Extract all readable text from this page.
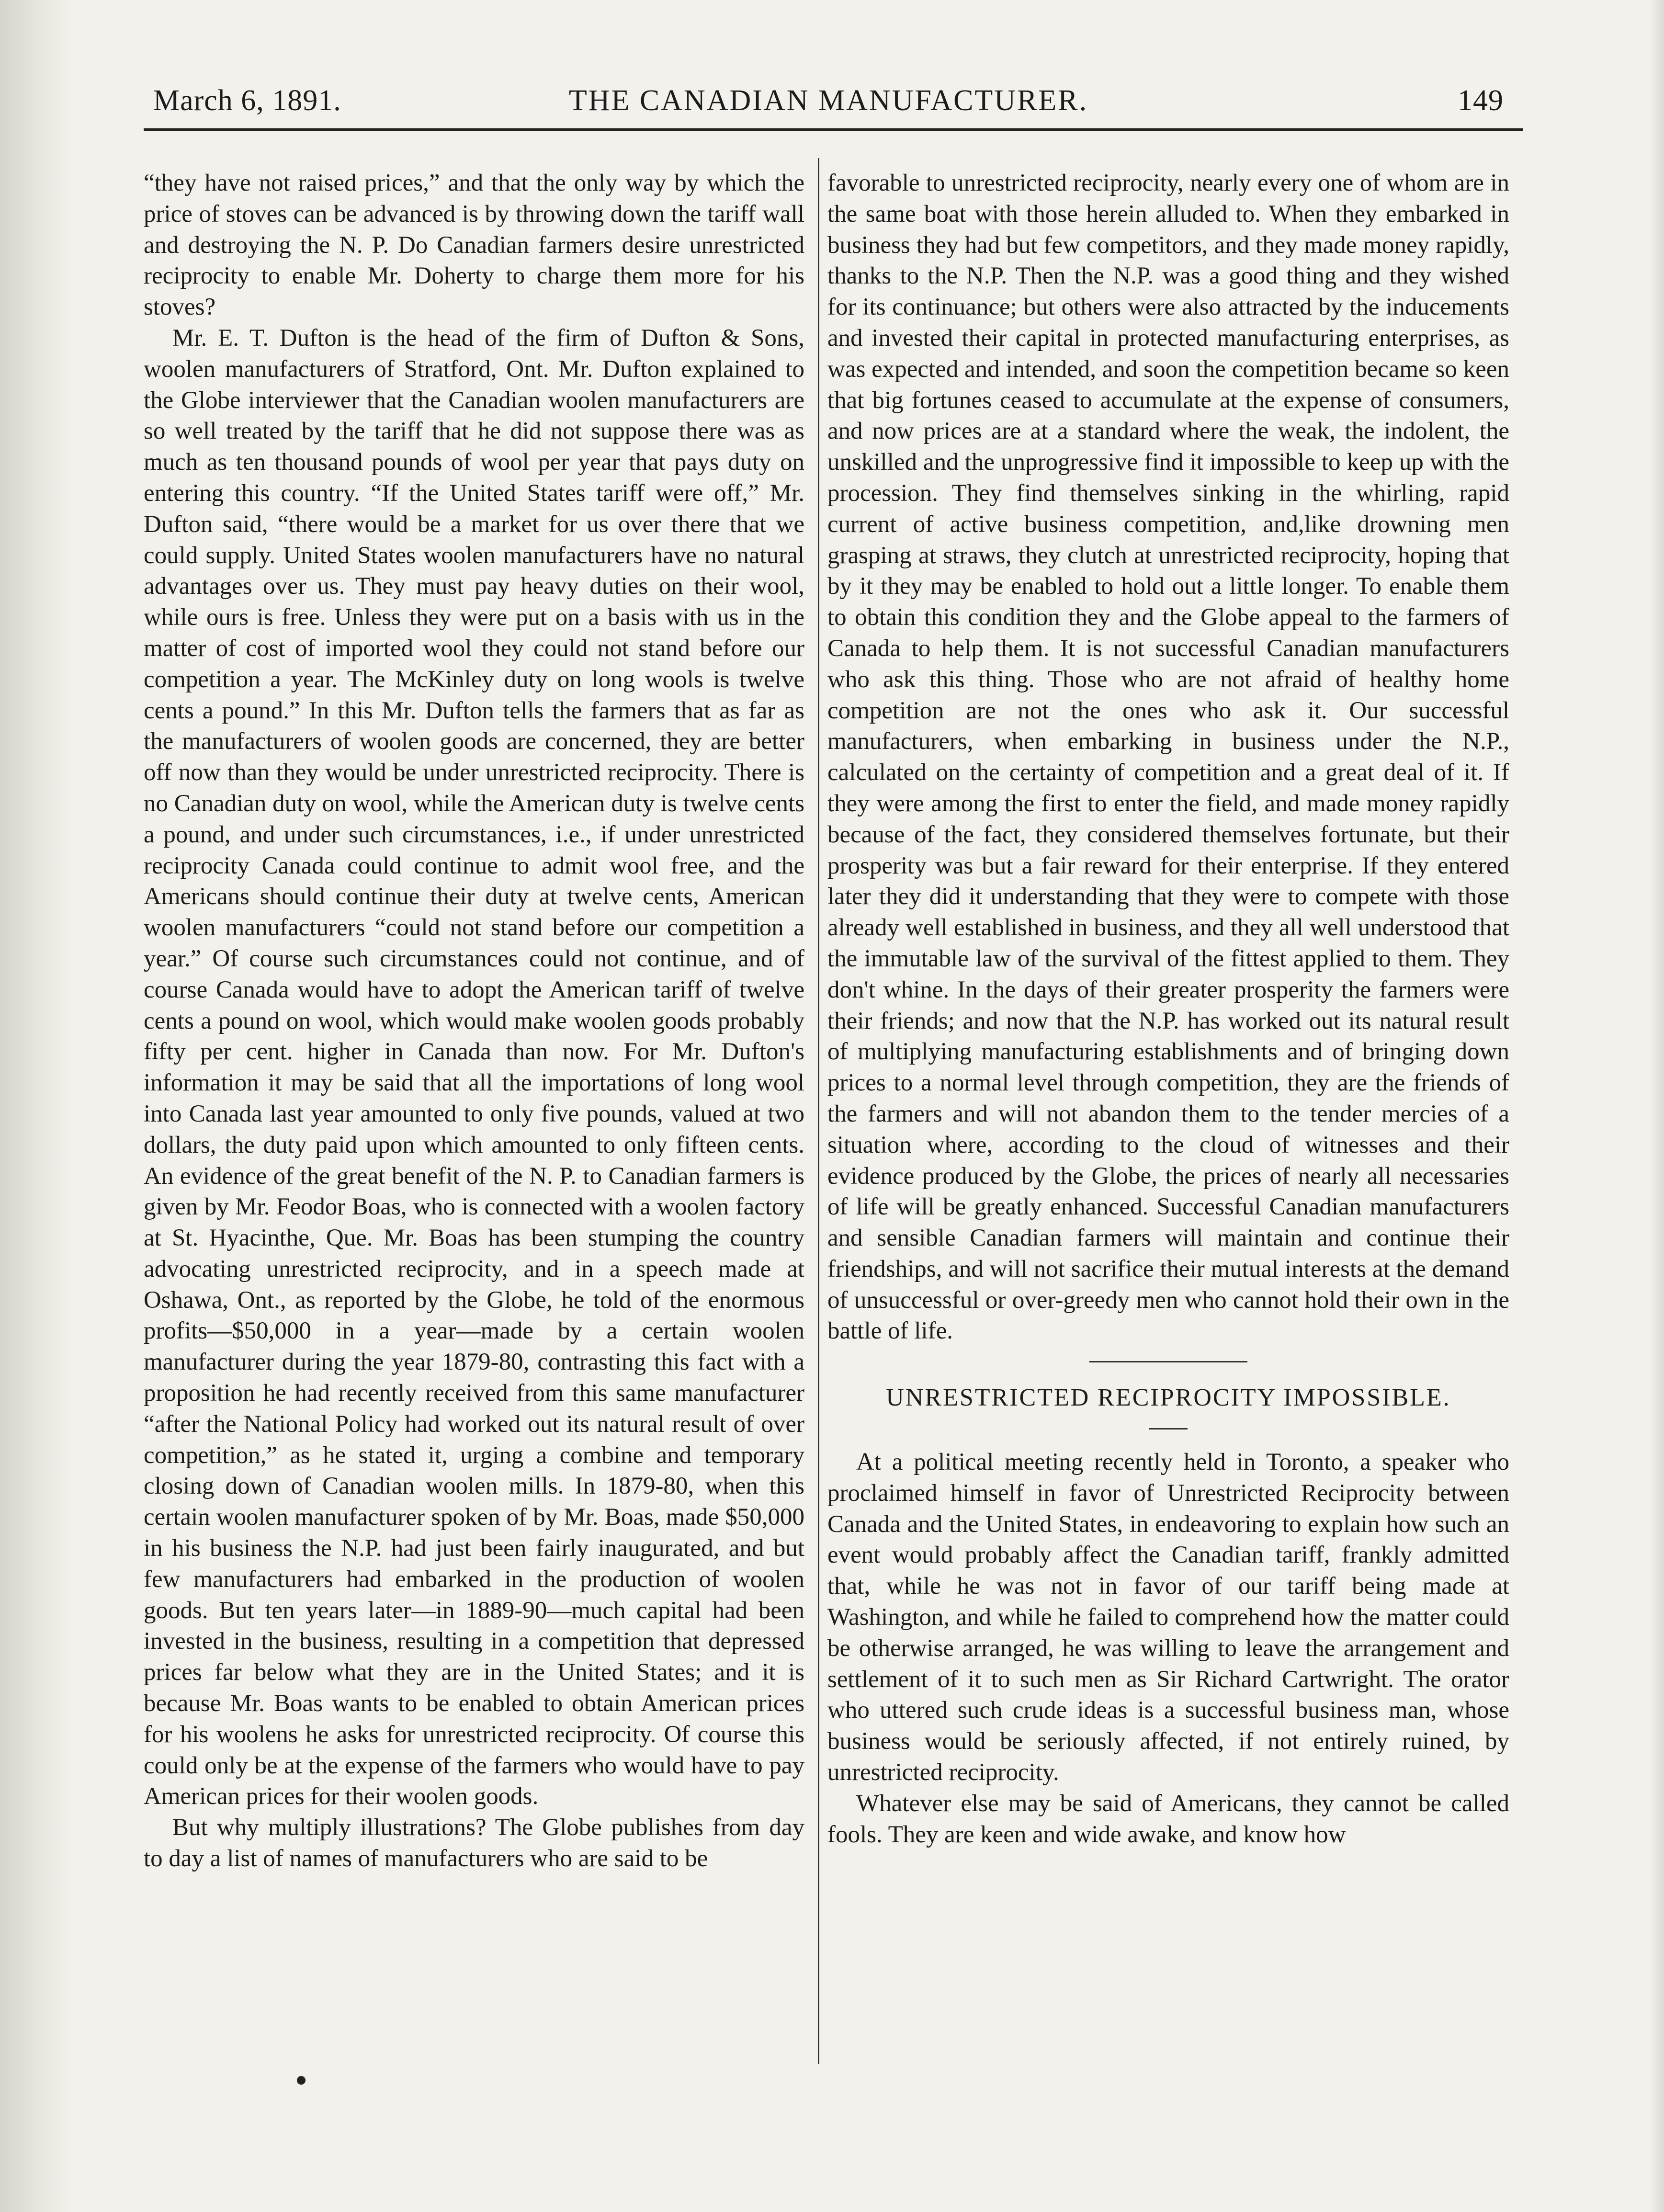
March 6, 1891.	THE CANADIAN MANUFACTURER.	149

“they have not raised prices,” and that the only way by which the price of stoves can be advanced is by throwing down the tariff wall and destroying the N. P. Do Canadian farmers desire unrestricted reciprocity to enable Mr. Doherty to charge them more for his stoves?

Mr. E. T. Dufton is the head of the firm of Dufton & Sons, woolen manufacturers of Stratford, Ont. Mr. Dufton explained to the Globe interviewer that the Canadian woolen manufacturers are so well treated by the tariff that he did not suppose there was as much as ten thousand pounds of wool per year that pays duty on entering this country. “If the United States tariff were off,” Mr. Dufton said, “there would be a market for us over there that we could supply. United States woolen manufacturers have no natural advantages over us. They must pay heavy duties on their wool, while ours is free. Unless they were put on a basis with us in the matter of cost of imported wool they could not stand before our competition a year. The McKinley duty on long wools is twelve cents a pound.” In this Mr. Dufton tells the farmers that as far as the manufacturers of woolen goods are concerned, they are better off now than they would be under unrestricted reciprocity. There is no Canadian duty on wool, while the American duty is twelve cents a pound, and under such circumstances, i.e., if under unrestricted reciprocity Canada could continue to admit wool free, and the Americans should continue their duty at twelve cents, American woolen manufacturers “could not stand before our competition a year.” Of course such circumstances could not continue, and of course Canada would have to adopt the American tariff of twelve cents a pound on wool, which would make woolen goods probably fifty per cent. higher in Canada than now. For Mr. Dufton's information it may be said that all the importations of long wool into Canada last year amounted to only five pounds, valued at two dollars, the duty paid upon which amounted to only fifteen cents. An evidence of the great benefit of the N. P. to Canadian farmers is given by Mr. Feodor Boas, who is connected with a woolen factory at St. Hyacinthe, Que. Mr. Boas has been stumping the country advocating unrestricted reciprocity, and in a speech made at Oshawa, Ont., as reported by the Globe, he told of the enormous profits—$50,000 in a year—made by a certain woolen manufacturer during the year 1879-80, contrasting this fact with a proposition he had recently received from this same manufacturer “after the National Policy had worked out its natural result of over competition,” as he stated it, urging a combine and temporary closing down of Canadian woolen mills. In 1879-80, when this certain woolen manufacturer spoken of by Mr. Boas, made $50,000 in his business the N.P. had just been fairly inaugurated, and but few manufacturers had embarked in the production of woolen goods. But ten years later—in 1889-90—much capital had been invested in the business, resulting in a competition that depressed prices far below what they are in the United States; and it is because Mr. Boas wants to be enabled to obtain American prices for his woolens he asks for unrestricted reciprocity. Of course this could only be at the expense of the farmers who would have to pay American prices for their woolen goods.

But why multiply illustrations? The Globe publishes from day to day a list of names of manufacturers who are said to be

favorable to unrestricted reciprocity, nearly every one of whom are in the same boat with those herein alluded to. When they embarked in business they had but few competitors, and they made money rapidly, thanks to the N.P. Then the N.P. was a good thing and they wished for its continuance; but others were also attracted by the inducements and invested their capital in protected manufacturing enterprises, as was expected and intended, and soon the competition became so keen that big fortunes ceased to accumulate at the expense of consumers, and now prices are at a standard where the weak, the indolent, the unskilled and the unprogressive find it impossible to keep up with the procession. They find themselves sinking in the whirling, rapid current of active business competition, and,like drowning men grasping at straws, they clutch at unrestricted reciprocity, hoping that by it they may be enabled to hold out a little longer. To enable them to obtain this condition they and the Globe appeal to the farmers of Canada to help them. It is not successful Canadian manufacturers who ask this thing. Those who are not afraid of healthy home competition are not the ones who ask it. Our successful manufacturers, when embarking in business under the N.P., calculated on the certainty of competition and a great deal of it. If they were among the first to enter the field, and made money rapidly because of the fact, they considered themselves fortunate, but their prosperity was but a fair reward for their enterprise. If they entered later they did it understanding that they were to compete with those already well established in business, and they all well understood that the immutable law of the survival of the fittest applied to them. They don't whine. In the days of their greater prosperity the farmers were their friends; and now that the N.P. has worked out its natural result of multiplying manufacturing establishments and of bringing down prices to a normal level through competition, they are the friends of the farmers and will not abandon them to the tender mercies of a situation where, according to the cloud of witnesses and their evidence produced by the Globe, the prices of nearly all necessaries of life will be greatly enhanced. Successful Canadian manufacturers and sensible Canadian farmers will maintain and continue their friendships, and will not sacrifice their mutual interests at the demand of unsuccessful or over-greedy men who cannot hold their own in the battle of life.

UNRESTRICTED RECIPROCITY IMPOSSIBLE.

At a political meeting recently held in Toronto, a speaker who proclaimed himself in favor of Unrestricted Reciprocity between Canada and the United States, in endeavoring to explain how such an event would probably affect the Canadian tariff, frankly admitted that, while he was not in favor of our tariff being made at Washington, and while he failed to comprehend how the matter could be otherwise arranged, he was willing to leave the arrangement and settlement of it to such men as Sir Richard Cartwright. The orator who uttered such crude ideas is a successful business man, whose business would be seriously affected, if not entirely ruined, by unrestricted reciprocity.

Whatever else may be said of Americans, they cannot be called fools. They are keen and wide awake, and know how
